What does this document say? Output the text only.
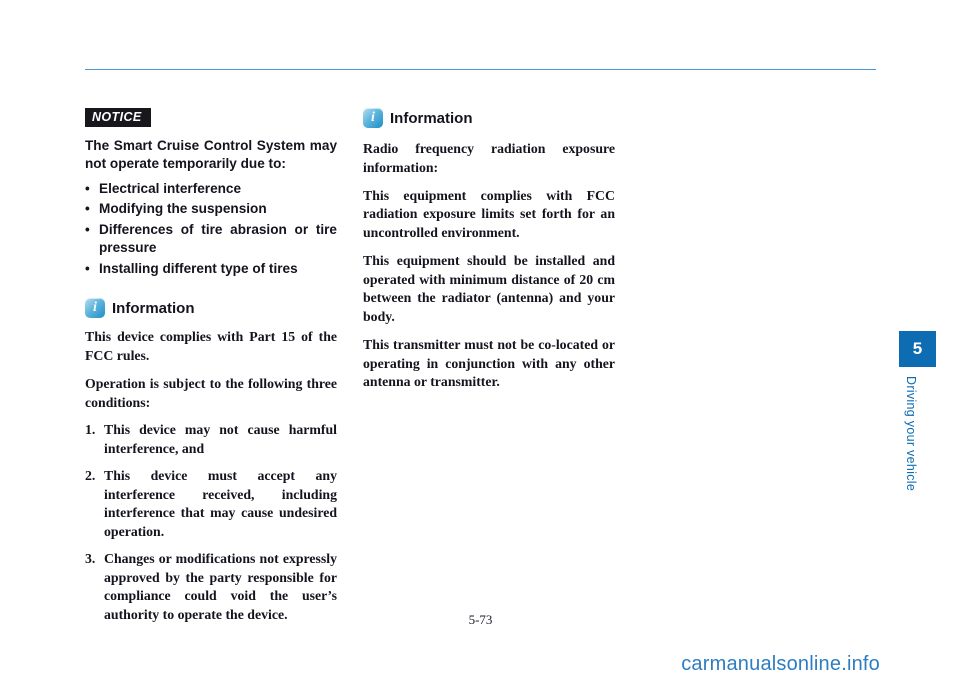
NOTICE

The Smart Cruise Control System may not operate temporarily due to:

• Electrical interference
• Modifying the suspension
• Differences of tire abrasion or tire pressure
• Installing different type of tires
i Information

This device complies with Part 15 of the FCC rules.

Operation is subject to the following three conditions:

1. This device may not cause harmful interference, and
2. This device must accept any interference received, including interference that may cause undesired operation.
3. Changes or modifications not expressly approved by the party responsible for compliance could void the user’s authority to operate the device.
i Information

Radio frequency radiation exposure information:

This equipment complies with FCC radiation exposure limits set forth for an uncontrolled environment.

This equipment should be installed and operated with minimum distance of 20 cm between the radiator (antenna) and your body.

This transmitter must not be co-located or operating in conjunction with any other antenna or transmitter.

5
Driving your vehicle
5-73
carmanualsonline.info
